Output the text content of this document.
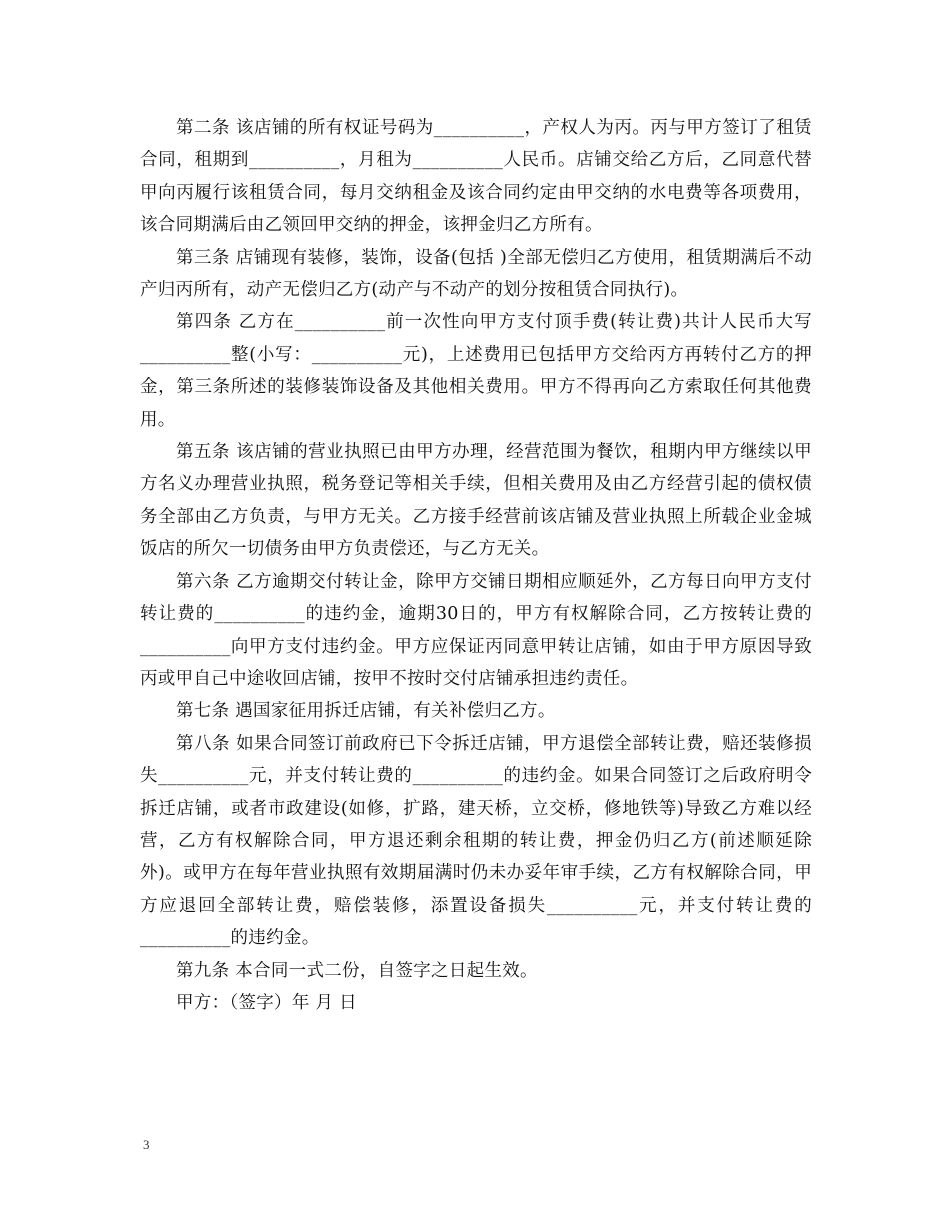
第二条 该店铺的所有权证号码为__________，产权人为丙。丙与甲方签订了租赁合同，租期到__________，月租为__________人民币。店铺交给乙方后，乙同意代替甲向丙履行该租赁合同，每月交纳租金及该合同约定由甲交纳的水电费等各项费用，该合同期满后由乙领回甲交纳的押金，该押金归乙方所有。

第三条 店铺现有装修，装饰，设备(包括 )全部无偿归乙方使用，租赁期满后不动产归丙所有，动产无偿归乙方(动产与不动产的划分按租赁合同执行)。

第四条 乙方在__________前一次性向甲方支付顶手费(转让费)共计人民币大写__________整(小写：__________元)，上述费用已包括甲方交给丙方再转付乙方的押金，第三条所述的装修装饰设备及其他相关费用。甲方不得再向乙方索取任何其他费用。

第五条 该店铺的营业执照已由甲方办理，经营范围为餐饮，租期内甲方继续以甲方名义办理营业执照，税务登记等相关手续，但相关费用及由乙方经营引起的债权债务全部由乙方负责，与甲方无关。乙方接手经营前该店铺及营业执照上所载企业金城饭店的所欠一切债务由甲方负责偿还，与乙方无关。

第六条 乙方逾期交付转让金，除甲方交铺日期相应顺延外，乙方每日向甲方支付转让费的__________的违约金，逾期30日的，甲方有权解除合同，乙方按转让费的__________向甲方支付违约金。甲方应保证丙同意甲转让店铺，如由于甲方原因导致丙或甲自己中途收回店铺，按甲不按时交付店铺承担违约责任。

第七条 遇国家征用拆迁店铺，有关补偿归乙方。

第八条 如果合同签订前政府已下令拆迁店铺，甲方退偿全部转让费，赔还装修损失__________元，并支付转让费的__________的违约金。如果合同签订之后政府明令拆迁店铺，或者市政建设(如修，扩路，建天桥，立交桥，修地铁等)导致乙方难以经营，乙方有权解除合同，甲方退还剩余租期的转让费，押金仍归乙方(前述顺延除外)。或甲方在每年营业执照有效期届满时仍未办妥年审手续，乙方有权解除合同，甲方应退回全部转让费，赔偿装修，添置设备损失__________元，并支付转让费的__________的违约金。

第九条 本合同一式二份，自签字之日起生效。

甲方：（签字）年 月 日

3
